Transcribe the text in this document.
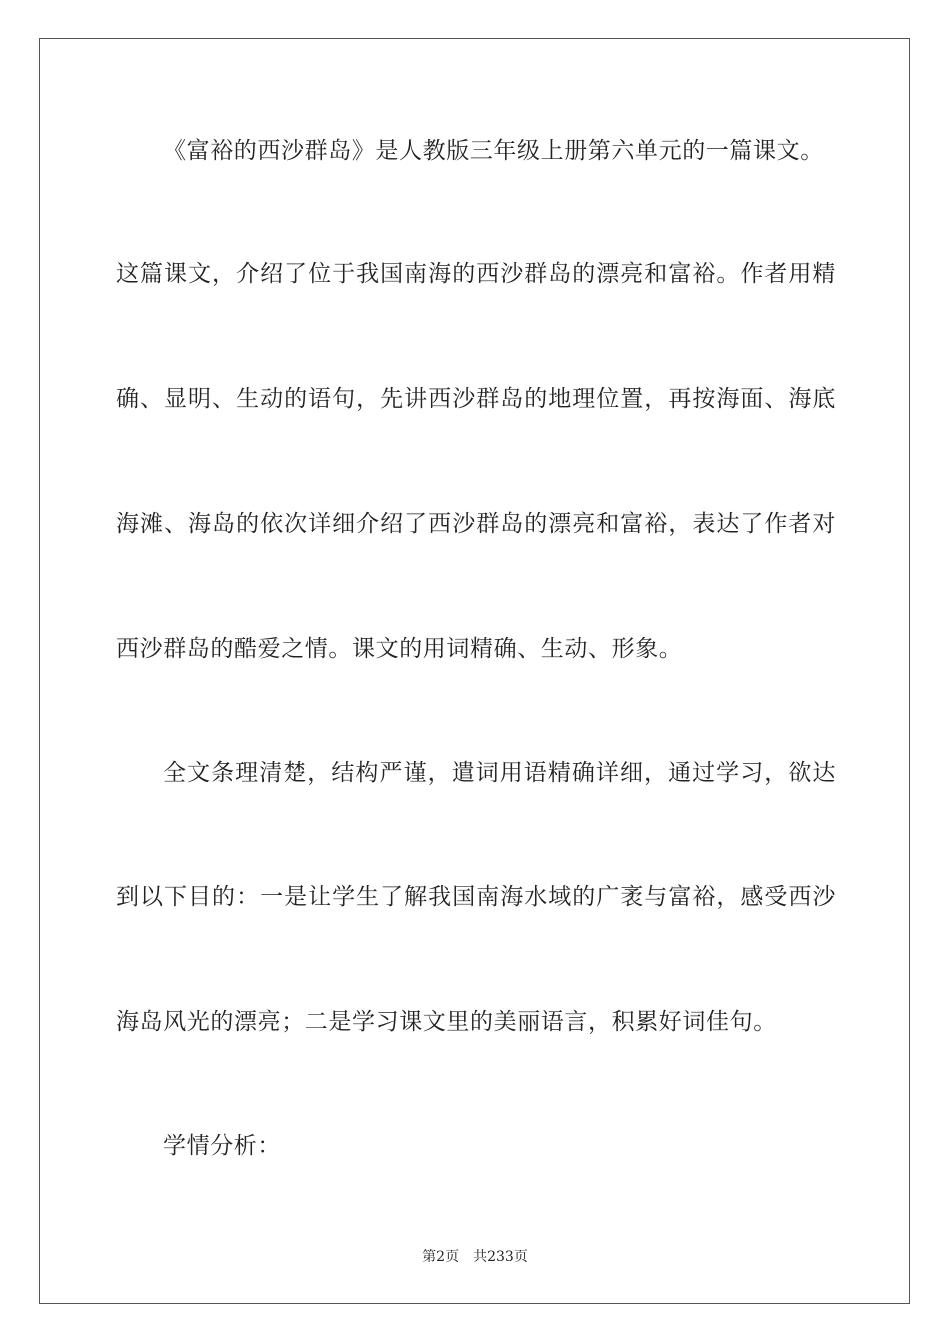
《富裕的西沙群岛》是人教版三年级上册第六单元的一篇课文。
这篇课文，介绍了位于我国南海的西沙群岛的漂亮和富裕。作者用精
确、显明、生动的语句，先讲西沙群岛的地理位置，再按海面、海底
海滩、海岛的依次详细介绍了西沙群岛的漂亮和富裕，表达了作者对
西沙群岛的酷爱之情。课文的用词精确、生动、形象。
全文条理清楚，结构严谨，遣词用语精确详细，通过学习，欲达
到以下目的：一是让学生了解我国南海水域的广袤与富裕，感受西沙
海岛风光的漂亮；二是学习课文里的美丽语言，积累好词佳句。
学情分析：
第2页 共233页
